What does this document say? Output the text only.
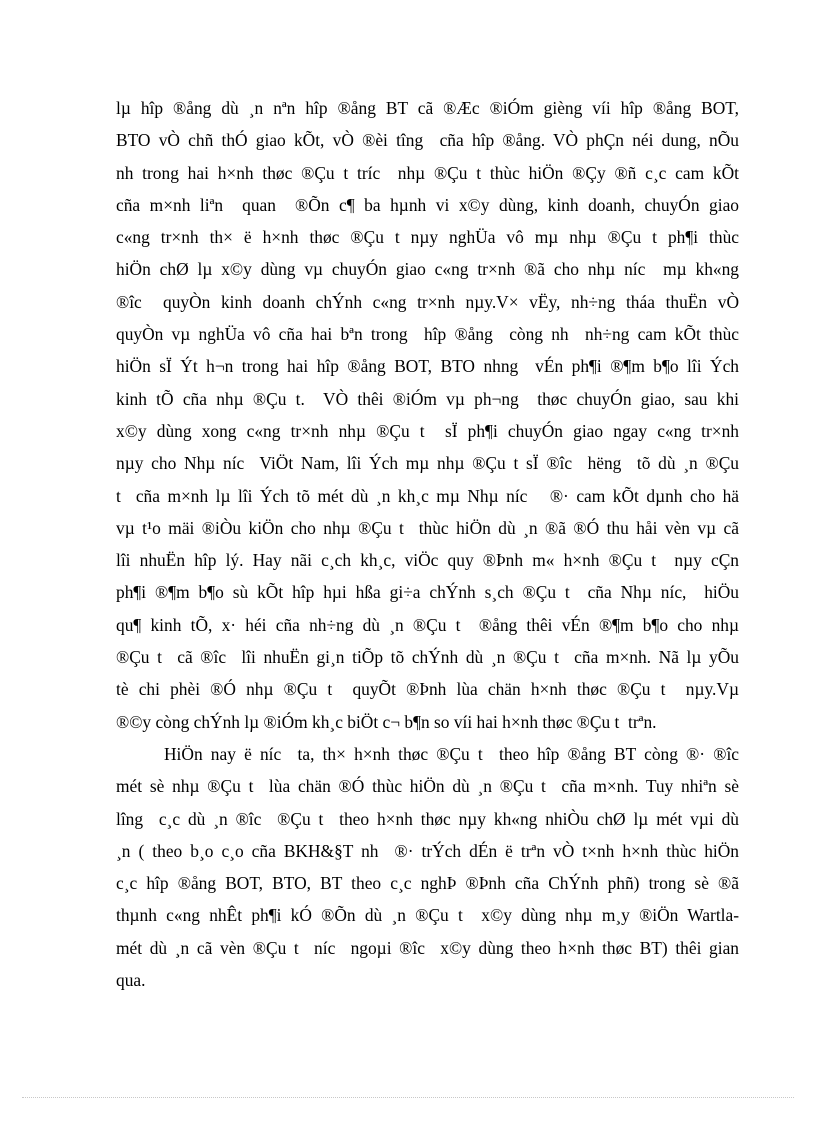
lµ hîp ®ång dù ¸n nªn hîp ®ång BT cã ®Æc ®iÓm gièng víi hîp ®ång BOT,
BTO vÒ chñ thÓ giao kÕt, vÒ ®èi tîng  cña hîp ®ång. VÒ phÇn néi dung, nÕu
nh trong hai h×nh thøc ®Çu t tríc  nhµ ®Çu t thùc hiÖn ®Çy ®ñ c¸c cam kÕt
cña m×nh liªn  quan  ®Õn c¶ ba hµnh vi x©y dùng, kinh doanh, chuyÓn giao
c«ng tr×nh th× ë h×nh thøc ®Çu t nµy nghÜa vô mµ nhµ ®Çu t ph¶i thùc
hiÖn chØ lµ x©y dùng vµ chuyÓn giao c«ng tr×nh ®ã cho nhµ níc  mµ kh«ng
®îc  quyÒn kinh doanh chÝnh c«ng tr×nh nµy.V× vËy, nh÷ng tháa thuËn vÒ
quyÒn vµ nghÜa vô cña hai bªn trong  hîp ®ång  còng nh  nh÷ng cam kÕt thùc
hiÖn sÏ Ýt h¬n trong hai hîp ®ång BOT, BTO nhng  vÉn ph¶i ®¶m b¶o lîi Ých
kinh tÕ cña nhµ ®Çu t.  VÒ thêi ®iÓm vµ ph¬ng  thøc chuyÓn giao, sau khi
x©y dùng xong c«ng tr×nh nhµ ®Çu t  sÏ ph¶i chuyÓn giao ngay c«ng tr×nh
nµy cho Nhµ níc  ViÖt Nam, lîi Ých mµ nhµ ®Çu t sÏ ®îc  hëng  tõ dù ¸n ®Çu
t  cña m×nh lµ lîi Ých tõ mét dù ¸n kh¸c mµ Nhµ níc   ®· cam kÕt dµnh cho hä
vµ t¹o mäi ®iÒu kiÖn cho nhµ ®Çu t  thùc hiÖn dù ¸n ®ã ®Ó thu håi vèn vµ cã
lîi nhuËn hîp lý. Hay nãi c¸ch kh¸c, viÖc quy ®Þnh m« h×nh ®Çu t  nµy cÇn
ph¶i ®¶m b¶o sù kÕt hîp hµi hßa gi÷a chÝnh s¸ch ®Çu t  cña Nhµ níc,  hiÖu
qu¶ kinh tÕ, x· héi cña nh÷ng dù ¸n ®Çu t  ®ång thêi vÉn ®¶m b¶o cho nhµ
®Çu t  cã ®îc  lîi nhuËn gi¸n tiÕp tõ chÝnh dù ¸n ®Çu t  cña m×nh. Nã lµ yÕu
tè chi phèi ®Ó nhµ ®Çu t  quyÕt ®Þnh lùa chän h×nh thøc ®Çu t  nµy.Vµ
®©y còng chÝnh lµ ®iÓm kh¸c biÖt c¬ b¶n so víi hai h×nh thøc ®Çu t  trªn.
HiÖn nay ë níc  ta, th× h×nh thøc ®Çu t  theo hîp ®ång BT còng ®· ®îc
mét sè nhµ ®Çu t  lùa chän ®Ó thùc hiÖn dù ¸n ®Çu t  cña m×nh. Tuy nhiªn sè
lîng  c¸c dù ¸n ®îc  ®Çu t  theo h×nh thøc nµy kh«ng nhiÒu chØ lµ mét vµi dù
¸n ( theo b¸o c¸o cña BKH&§T nh  ®· trÝch dÉn ë trªn vÒ t×nh h×nh thùc hiÖn
c¸c hîp ®ång BOT, BTO, BT theo c¸c nghÞ ®Þnh cña ChÝnh phñ) trong sè ®ã
thµnh c«ng nhÊt ph¶i kÓ ®Õn dù ¸n ®Çu t  x©y dùng nhµ m¸y ®iÖn Wartla-
mét dù ¸n cã vèn ®Çu t  níc  ngoµi ®îc  x©y dùng theo h×nh thøc BT) thêi gian
qua.
